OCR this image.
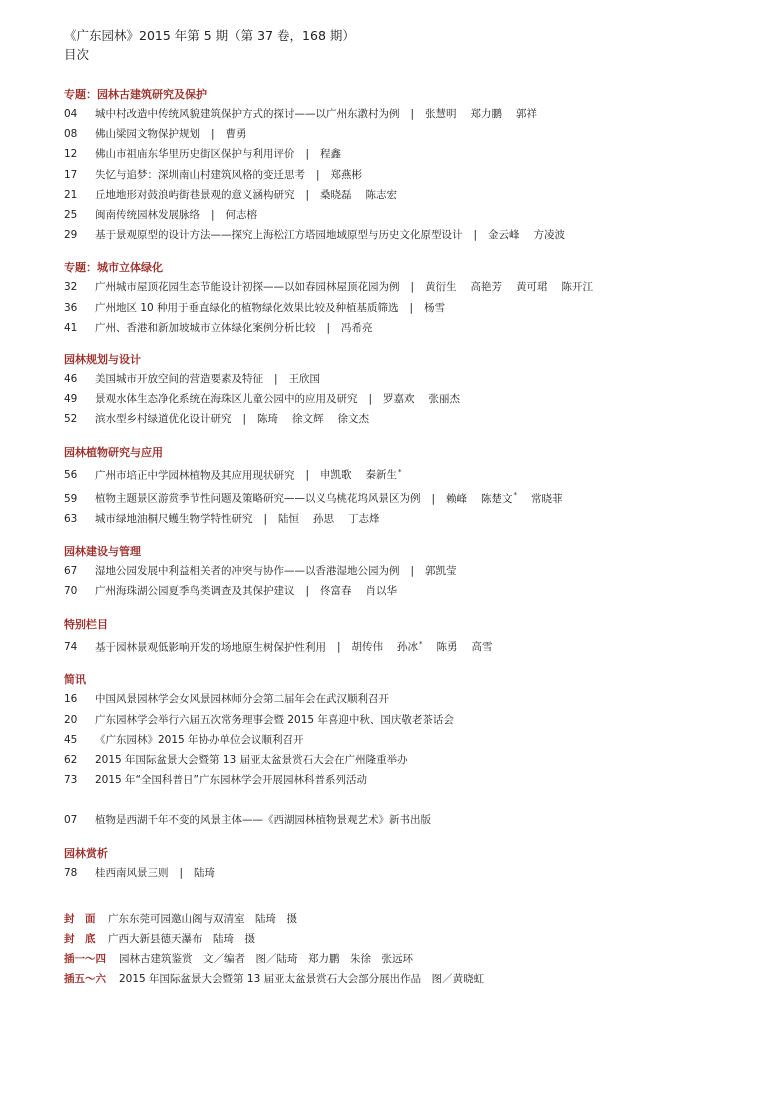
《广东园林》2015 年第 5 期（第 37 卷，168 期）

目次

专题：园林古建筑研究及保护

04 城中村改造中传统风貌建筑保护方式的探讨——以广州东漖村为例 | 张慧明 郑力鹏 郭祥
08 佛山梁园文物保护规划 | 曹勇
12 佛山市祖庙东华里历史街区保护与利用评价 | 程鑫
17 失忆与追梦：深圳南山村建筑风格的变迁思考 | 郑燕彬
21 丘地地形对鼓浪屿街巷景观的意义涵构研究 | 桑晓磊 陈志宏
25 闽南传统园林发展脉络 | 何志榕
29 基于景观原型的设计方法——探究上海松江方塔园地域原型与历史文化原型设计 | 金云峰 方凌波

专题：城市立体绿化

32 广州城市屋顶花园生态节能设计初探——以如春园林屋顶花园为例 | 黄衍生 高艳芳 黄可珺 陈开江
36 广州地区 10 种用于垂直绿化的植物绿化效果比较及种植基质筛选 | 杨雪
41 广州、香港和新加坡城市立体绿化案例分析比较 | 冯希亮

园林规划与设计

46 美国城市开放空间的营造要素及特征 | 王欣国
49 景观水体生态净化系统在海珠区儿童公园中的应用及研究 | 罗嘉欢 张丽杰
52 滨水型乡村绿道优化设计研究 | 陈琦 徐文辉 徐文杰

园林植物研究与应用

56 广州市培正中学园林植物及其应用现状研究 | 申凯歌 秦新生*
59 植物主题景区游赏季节性问题及策略研究——以义乌桃花坞风景区为例 | 赖峰 陈楚文* 常晓菲
63 城市绿地油桐尺蠖生物学特性研究 | 陆恒 孙思 丁志烽

园林建设与管理

67 湿地公园发展中利益相关者的冲突与协作——以香港湿地公园为例 | 郭凯莹
70 广州海珠湖公园夏季鸟类调查及其保护建议 | 佟富春 肖以华

特别栏目

74 基于园林景观低影响开发的场地原生树保护性利用 | 胡传伟 孙冰* 陈勇 高雪

简讯

16 中国风景园林学会女风景园林师分会第二届年会在武汉顺利召开
20 广东园林学会举行六届五次常务理事会暨 2015 年喜迎中秋、国庆敬老茶话会
45 《广东园林》2015 年协办单位会议顺利召开
62 2015 年国际盆景大会暨第 13 届亚太盆景赏石大会在广州隆重举办
73 2015 年“全国科普日”广东园林学会开展园林科普系列活动
07 植物是西湖千年不变的风景主体——《西湖园林植物景观艺术》新书出版

园林赏析

78 桂西南风景三则 | 陆琦
封　面 广东东莞可园邀山阁与双清室　陆琦　摄
封　底 广西大新县德天瀑布　陆琦　摄
插一～四 园林古建筑鉴赏　文／编者　图／陆琦　郑力鹏　朱徐　张远环
插五～六 2015 年国际盆景大会暨第 13 届亚太盆景赏石大会部分展出作品　图／黄晓虹
